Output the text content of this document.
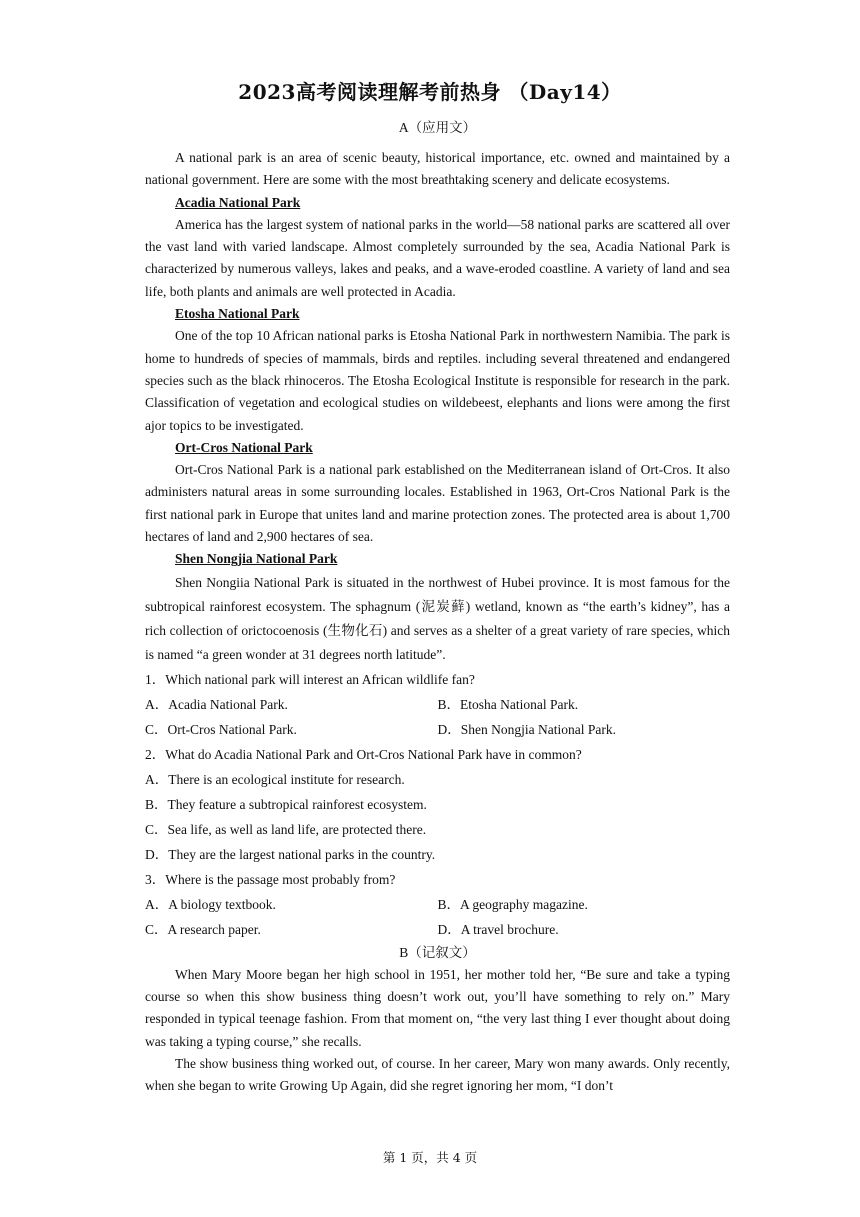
2023高考阅读理解考前热身 （Day14）
A（应用文）

A national park is an area of scenic beauty, historical importance, etc. owned and maintained by a national government. Here are some with the most breathtaking scenery and delicate ecosystems.

Acadia National Park

America has the largest system of national parks in the world—58 national parks are scattered all over the vast land with varied landscape. Almost completely surrounded by the sea, Acadia National Park is characterized by numerous valleys, lakes and peaks, and a wave-eroded coastline. A variety of land and sea life, both plants and animals are well protected in Acadia.

Etosha National Park

One of the top 10 African national parks is Etosha National Park in northwestern Namibia. The park is home to hundreds of species of mammals, birds and reptiles. including several threatened and endangered species such as the black rhinoceros. The Etosha Ecological Institute is responsible for research in the park. Classification of vegetation and ecological studies on wildebeest, elephants and lions were among the first ajor topics to be investigated.

Ort-Cros National Park

Ort-Cros National Park is a national park established on the Mediterranean island of Ort-Cros. It also administers natural areas in some surrounding locales. Established in 1963, Ort-Cros National Park is the first national park in Europe that unites land and marine protection zones. The protected area is about 1,700 hectares of land and 2,900 hectares of sea.

Shen Nongjia National Park

Shen Nongiia National Park is situated in the northwest of Hubei province. It is most famous for the subtropical rainforest ecosystem. The sphagnum (泥炭藓) wetland, known as “the earth’s kidney”, has a rich collection of orictocoenosis (生物化石) and serves as a shelter of a great variety of rare species, which is named “a green wonder at 31 degrees north latitude”.

1．Which national park will interest an African wildlife fan?

A．Acadia National Park.	B．Etosha National Park.
C．Ort-Cros National Park.	D．Shen Nongjia National Park.

2．What do Acadia National Park and Ort-Cros National Park have in common?

A．There is an ecological institute for research.
B．They feature a subtropical rainforest ecosystem.
C．Sea life, as well as land life, are protected there.
D．They are the largest national parks in the country.

3．Where is the passage most probably from?

A．A biology textbook.	B．A geography magazine.
C．A research paper.	D．A travel brochure.
B（记叙文）

When Mary Moore began her high school in 1951, her mother told her, “Be sure and take a typing course so when this show business thing doesn’t work out, you’ll have something to rely on.” Mary responded in typical teenage fashion. From that moment on, “the very last thing I ever thought about doing was taking a typing course,” she recalls.

The show business thing worked out, of course. In her career, Mary won many awards. Only recently, when she began to write Growing Up Again, did she regret ignoring her mom, “I don’t

第 1 页，共 4 页
